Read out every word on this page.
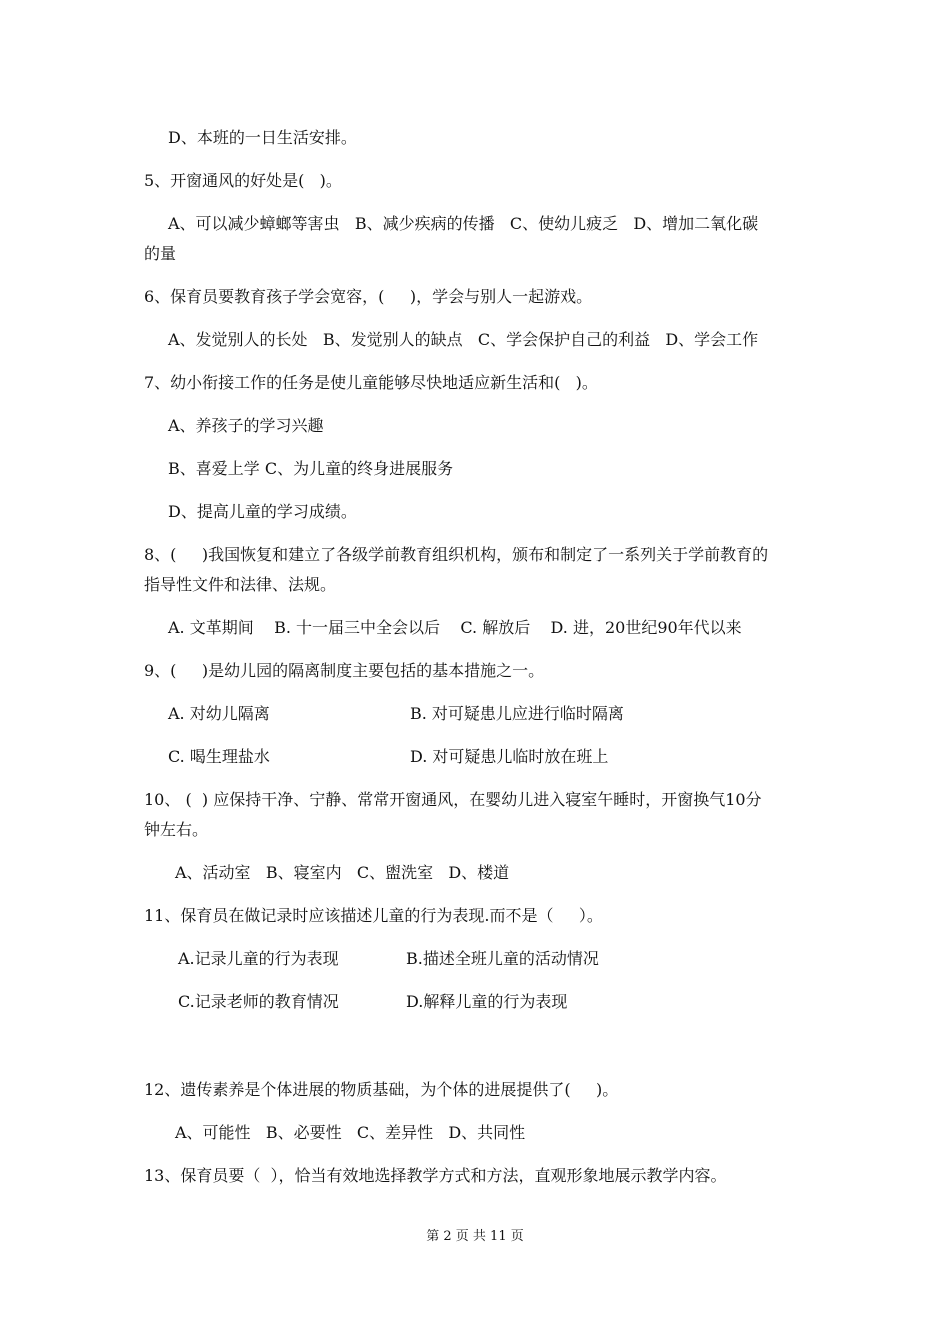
D、本班的一日生活安排。
5、开窗通风的好处是(   )。
A、可以减少蟑螂等害虫   B、减少疾病的传播   C、使幼儿疲乏   D、增加二氧化碳
的量
6、保育员要教育孩子学会宽容，(     )，学会与别人一起游戏。
A、发觉别人的长处   B、发觉别人的缺点   C、学会保护自己的利益   D、学会工作
7、幼小衔接工作的任务是使儿童能够尽快地适应新生活和(   )。
A、养孩子的学习兴趣
B、喜爱上学 C、为儿童的终身进展服务
D、提高儿童的学习成绩。
8、(     )我国恢复和建立了各级学前教育组织机构，颁布和制定了一系列关于学前教育的
指导性文件和法律、法规。
A. 文革期间    B. 十一届三中全会以后    C. 解放后    D. 进，20世纪90年代以来
9、(     )是幼儿园的隔离制度主要包括的基本措施之一。
A. 对幼儿隔离	B. 对可疑患儿应进行临时隔离
C. 喝生理盐水	D. 对可疑患儿临时放在班上
10、 (  ) 应保持干净、宁静、常常开窗通风，在婴幼儿进入寝室午睡时，开窗换气10分
钟左右。
A、活动室   B、寝室内   C、盥洗室   D、楼道
11、保育员在做记录时应该描述儿童的行为表现.而不是（     ）。
A.记录儿童的行为表现	B.描述全班儿童的活动情况
C.记录老师的教育情况	D.解释儿童的行为表现
12、遗传素养是个体进展的物质基础，为个体的进展提供了(     )。
A、可能性   B、必要性   C、差异性   D、共同性
13、保育员要（  ），恰当有效地选择教学方式和方法，直观形象地展示教学内容。
第 2 页 共 11 页
